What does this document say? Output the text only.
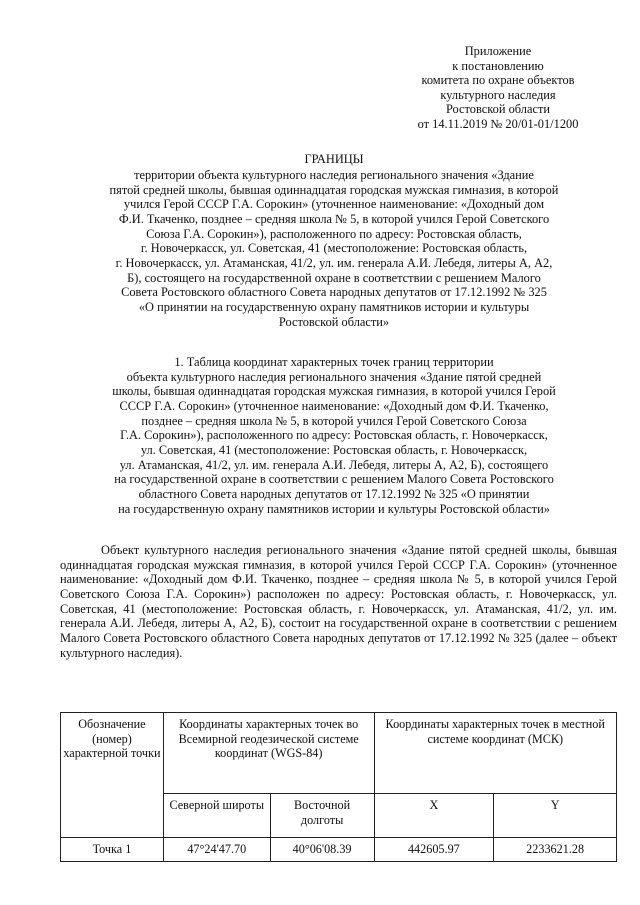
Приложение
к постановлению
комитета по охране объектов
культурного наследия
Ростовской области
от 14.11.2019 № 20/01-01/1200
ГРАНИЦЫ
территории объекта культурного наследия регионального значения «Здание
пятой средней школы, бывшая одиннадцатая городская мужская гимназия, в которой
учился Герой СССР Г.А. Сорокин» (уточненное наименование: «Доходный дом
Ф.И. Ткаченко, позднее – средняя школа № 5, в которой учился Герой Советского
Союза Г.А. Сорокин»), расположенного по адресу: Ростовская область,
г. Новочеркасск, ул. Советская, 41 (местоположение: Ростовская область,
г. Новочеркасск, ул. Атаманская, 41/2, ул. им. генерала А.И. Лебедя, литеры А, А2,
Б), состоящего на государственной охране в соответствии с решением Малого
Совета Ростовского областного Совета народных депутатов от 17.12.1992 № 325
«О принятии на государственную охрану памятников истории и культуры
Ростовской области»
1. Таблица координат характерных точек границ территории
объекта культурного наследия регионального значения «Здание пятой средней
школы, бывшая одиннадцатая городская мужская гимназия, в которой учился Герой
СССР Г.А. Сорокин» (уточненное наименование: «Доходный дом Ф.И. Ткаченко,
позднее – средняя школа № 5, в которой учился Герой Советского Союза
Г.А. Сорокин»), расположенного по адресу: Ростовская область, г. Новочеркасск,
ул. Советская, 41 (местоположение: Ростовская область, г. Новочеркасск,
ул. Атаманская, 41/2, ул. им. генерала А.И. Лебедя, литеры А, А2, Б), состоящего
на государственной охране в соответствии с решением Малого Совета Ростовского
областного Совета народных депутатов от 17.12.1992 № 325 «О принятии
на государственную охрану памятников истории и культуры Ростовской области»

Объект культурного наследия регионального значения «Здание пятой средней школы, бывшая одиннадцатая городская мужская гимназия, в которой учился Герой СССР Г.А. Сорокин» (уточненное наименование: «Доходный дом Ф.И. Ткаченко, позднее – средняя школа № 5, в которой учился Герой Советского Союза Г.А. Сорокин») расположен по адресу: Ростовская область, г. Новочеркасск, ул. Советская, 41 (местоположение: Ростовская область, г. Новочеркасск, ул. Атаманская, 41/2, ул. им. генерала А.И. Лебедя, литеры А, А2, Б), состоит на государственной охране в соответствии с решением Малого Совета Ростовского областного Совета народных депутатов от 17.12.1992 № 325 (далее – объект культурного наследия).

Обозначение (номер) характерной точки	Координаты характерных точек во Всемирной геодезической системе координат (WGS-84)		Координаты характерных точек в местной системе координат (МСК)	
	Северной широты	Восточной долготы	X	Y
Точка 1	47°24'47.70	40°06'08.39	442605.97	2233621.28
